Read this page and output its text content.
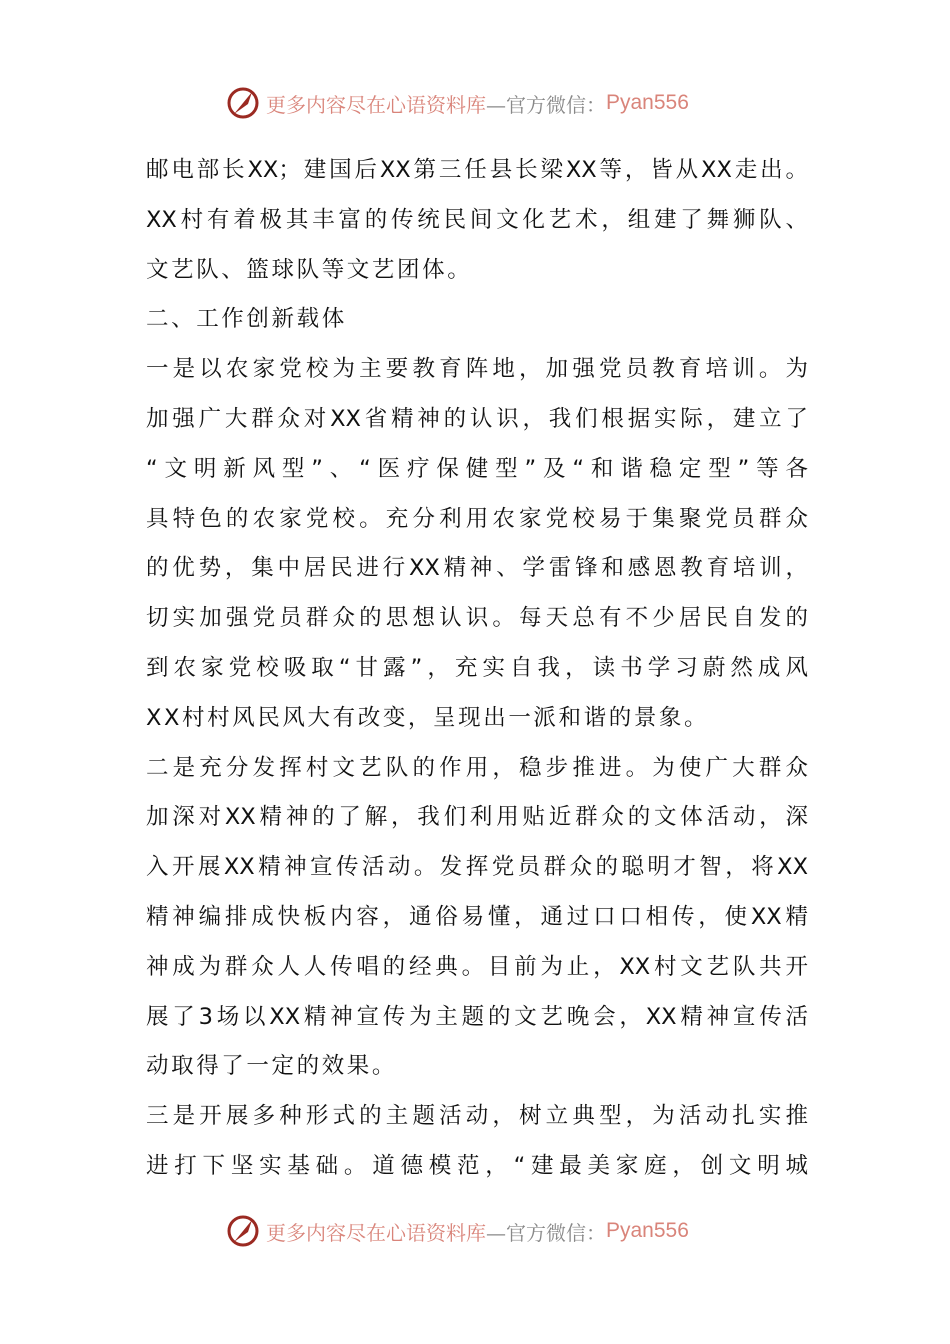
更多内容尽在心语资料库 —官方微信： Pyan556
邮电部长XX；建国后XX第三任县长梁XX等，皆从XX走出。
XX村有着极其丰富的传统民间文化艺术，组建了舞狮队、
文艺队、篮球队等文艺团体。
二、工作创新载体
一是以农家党校为主要教育阵地，加强党员教育培训。为
加强广大群众对XX省精神的认识，我们根据实际，建立了
“文明新风型”、“医疗保健型”及“和谐稳定型”等各
具特色的农家党校。充分利用农家党校易于集聚党员群众
的优势，集中居民进行XX精神、学雷锋和感恩教育培训，
切实加强党员群众的思想认识。每天总有不少居民自发的
到农家党校吸取“甘露”，充实自我，读书学习蔚然成风
XX村村风民风大有改变，呈现出一派和谐的景象。
二是充分发挥村文艺队的作用，稳步推进。为使广大群众
加深对XX精神的了解，我们利用贴近群众的文体活动，深
入开展XX精神宣传活动。发挥党员群众的聪明才智，将XX
精神编排成快板内容，通俗易懂，通过口口相传，使XX精
神成为群众人人传唱的经典。目前为止，XX村文艺队共开
展了3场以XX精神宣传为主题的文艺晚会，XX精神宣传活
动取得了一定的效果。
三是开展多种形式的主题活动，树立典型，为活动扎实推
进打下坚实基础。道德模范，“建最美家庭，创文明城
更多内容尽在心语资料库 —官方微信： Pyan556
